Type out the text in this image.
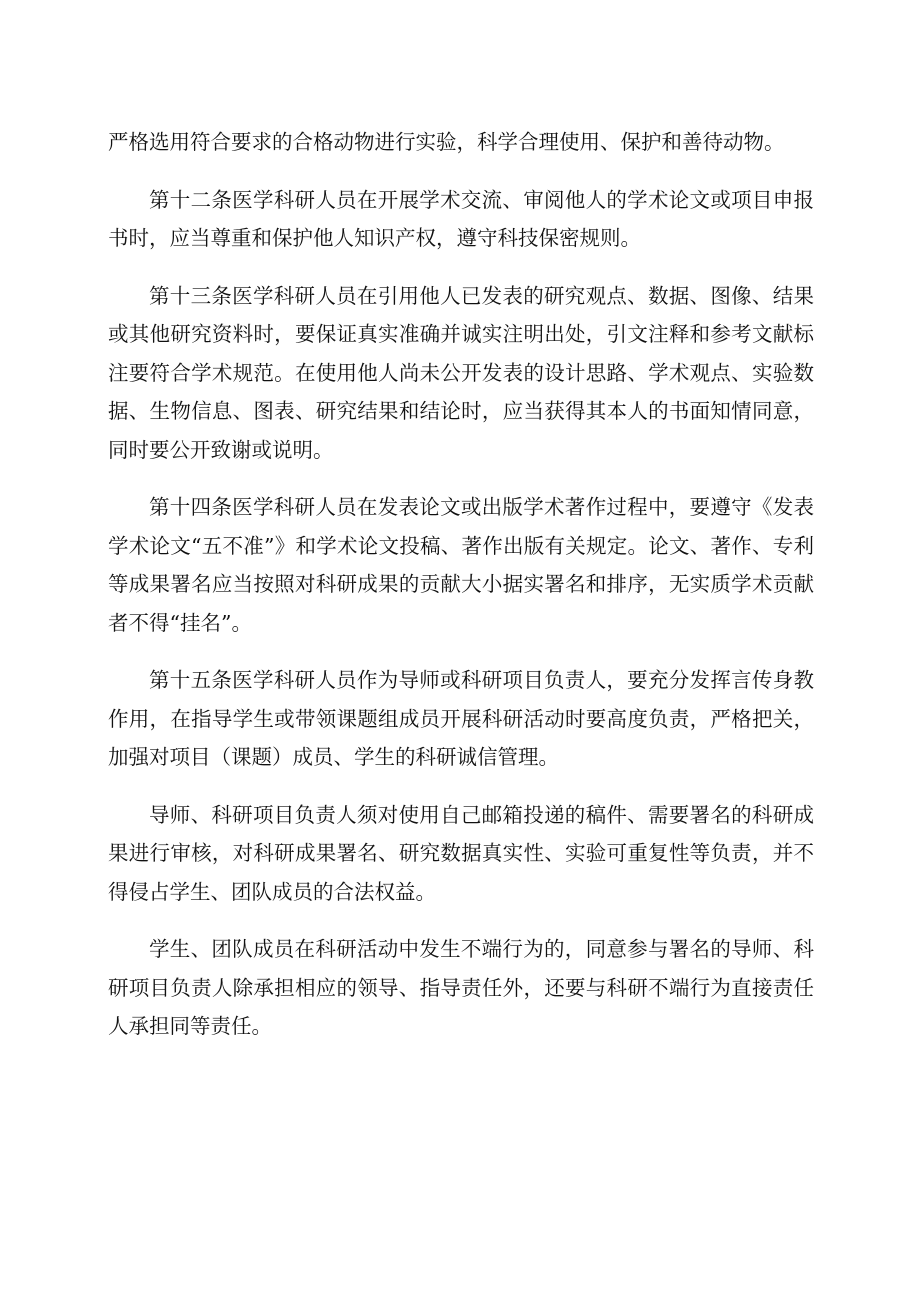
严格选用符合要求的合格动物进行实验，科学合理使用、保护和善待动物。

第十二条医学科研人员在开展学术交流、审阅他人的学术论文或项目申报书时，应当尊重和保护他人知识产权，遵守科技保密规则。

第十三条医学科研人员在引用他人已发表的研究观点、数据、图像、结果或其他研究资料时，要保证真实准确并诚实注明出处，引文注释和参考文献标注要符合学术规范。在使用他人尚未公开发表的设计思路、学术观点、实验数据、生物信息、图表、研究结果和结论时，应当获得其本人的书面知情同意，同时要公开致谢或说明。

第十四条医学科研人员在发表论文或出版学术著作过程中，要遵守《发表学术论文“五不准”》和学术论文投稿、著作出版有关规定。论文、著作、专利等成果署名应当按照对科研成果的贡献大小据实署名和排序，无实质学术贡献者不得“挂名”。

第十五条医学科研人员作为导师或科研项目负责人，要充分发挥言传身教作用，在指导学生或带领课题组成员开展科研活动时要高度负责，严格把关，加强对项目（课题）成员、学生的科研诚信管理。

导师、科研项目负责人须对使用自己邮箱投递的稿件、需要署名的科研成果进行审核，对科研成果署名、研究数据真实性、实验可重复性等负责，并不得侵占学生、团队成员的合法权益。

学生、团队成员在科研活动中发生不端行为的，同意参与署名的导师、科研项目负责人除承担相应的领导、指导责任外，还要与科研不端行为直接责任人承担同等责任。
